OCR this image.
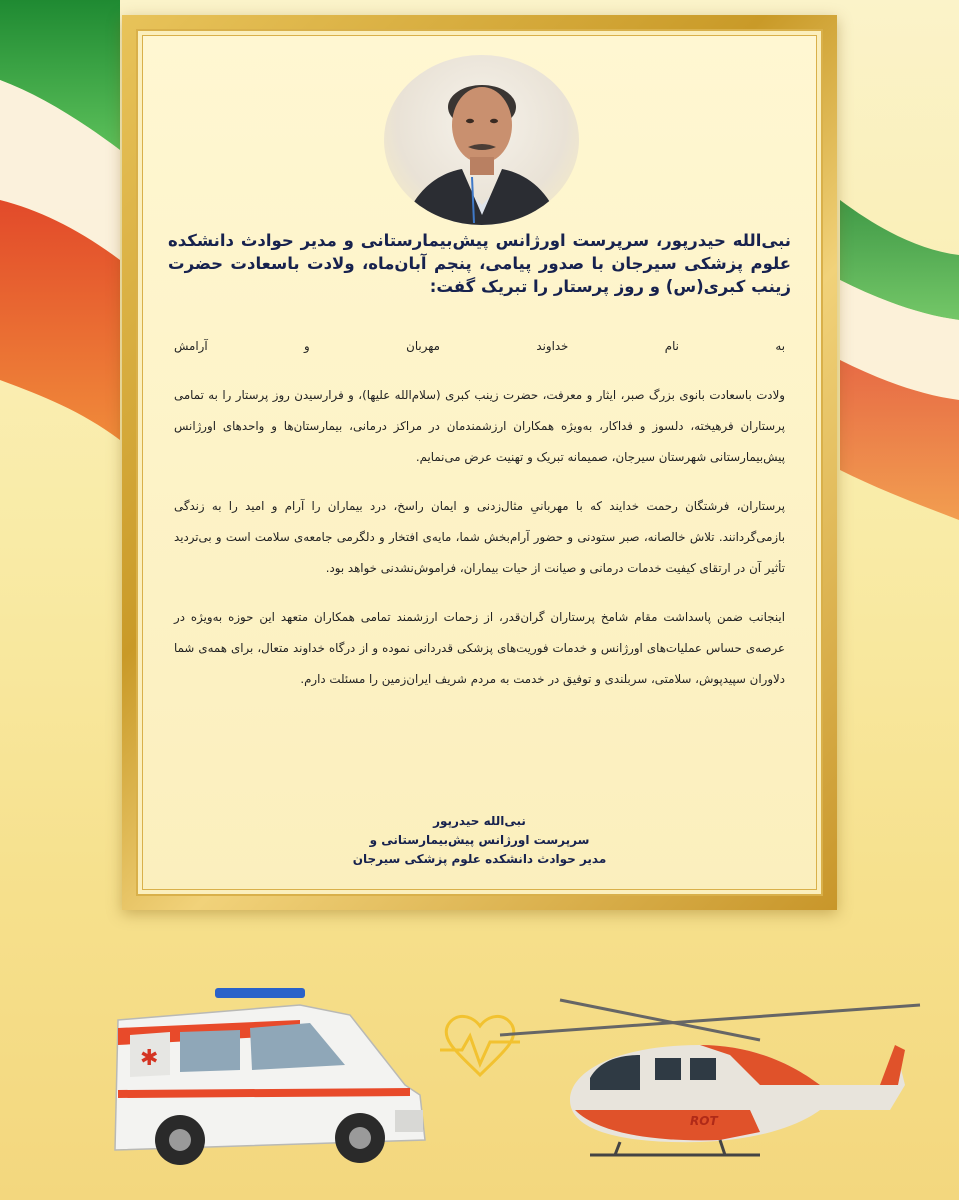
نبی‌الله حیدرپور، سرپرست اورژانس پیش‌بیمارستانی و مدیر حوادث دانشکده علوم پزشکی سیرجان با صدور پیامی، پنجم آبان‌ماه، ولادت باسعادت حضرت زینب کبری(س) و روز پرستار را تبریک گفت:

به نام خداوند مهربان و آرامش

ولادت باسعادت بانوی بزرگ صبر، ایثار و معرفت، حضرت زینب کبری (سلام‌الله علیها)، و فرارسیدن روز پرستار را به تمامی پرستاران فرهیخته، دلسوز و فداکار، به‌ویژه همکاران ارزشمندمان در مراکز درمانی، بیمارستان‌ها و واحدهای اورژانس پیش‌بیمارستانی شهرستان سیرجان، صمیمانه تبریک و تهنیت عرض می‌نمایم.

پرستاران، فرشتگان رحمت خدایند که با مهربانیِ مثال‌زدنی و ایمان راسخ، درد بیماران را آرام و امید را به زندگی بازمی‌گردانند. تلاش خالصانه، صبر ستودنی و حضور آرام‌بخش شما، مایه‌ی افتخار و دلگرمی جامعه‌ی سلامت است و بی‌تردید تأثیر آن در ارتقای کیفیت خدمات درمانی و صیانت از حیات بیماران، فراموش‌نشدنی خواهد بود.

اینجانب ضمن پاسداشت مقام شامخ پرستاران گران‌قدر، از زحمات ارزشمند تمامی همکاران متعهد این حوزه به‌ویژه در عرصه‌ی حساس عملیات‌های اورژانس و خدمات فوریت‌های پزشکی قدردانی نموده و از درگاه خداوند متعال، برای همه‌ی شما دلاوران سپیدپوش، سلامتی، سربلندی و توفیق در خدمت به مردم شریف ایران‌زمین را مسئلت دارم.

نبی‌الله حیدرپور
سرپرست اورژانس پیش‌بیمارستانی و
مدیر حوادث دانشکده علوم پزشکی سیرجان
✱
ROT
